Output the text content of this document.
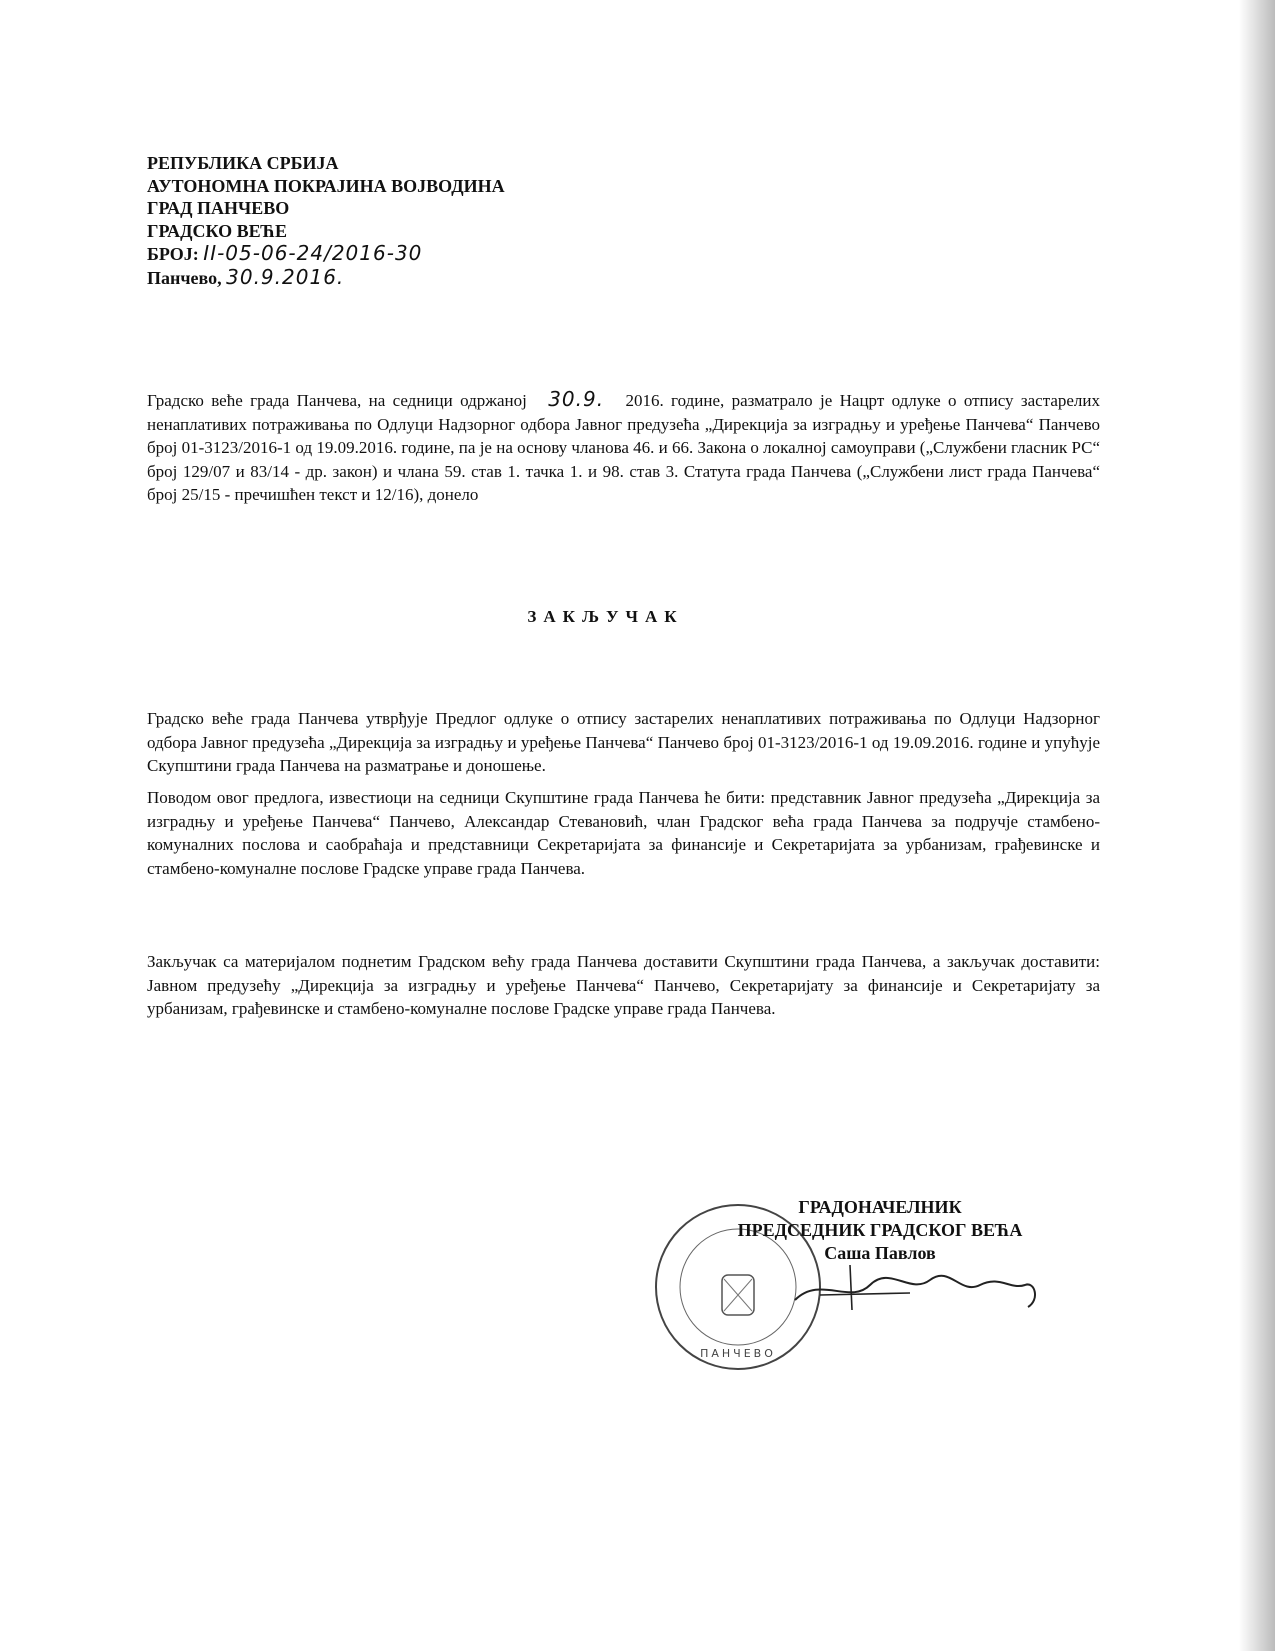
РЕПУБЛИКА СРБИЈА
АУТОНОМНА ПОКРАЈИНА ВОЈВОДИНА
ГРАД ПАНЧЕВО
ГРАДСКО ВЕЋЕ
БРОЈ: II-05-06-24/2016-30
Панчево, 30.9.2016.
Градско веће града Панчева, на седници одржаној 30.9. 2016. године, разматрало је Нацрт одлуке о отпису застарелих ненаплативих потраживања по Одлуци Надзорног одбора Јавног предузећа „Дирекција за изградњу и уређење Панчева“ Панчево број 01-3123/2016-1 од 19.09.2016. године, па је на основу чланова 46. и 66. Закона о локалној самоуправи („Службени гласник РС“ број 129/07 и 83/14 - др. закон) и члана 59. став 1. тачка 1. и 98. став 3. Статута града Панчева („Службени лист града Панчева“ број 25/15 - пречишћен текст и 12/16), донело
ЗАКЉУЧАК
Градско веће града Панчева утврђује Предлог одлуке о отпису застарелих ненаплативих потраживања по Одлуци Надзорног одбора Јавног предузећа „Дирекција за изградњу и уређење Панчева“ Панчево број 01-3123/2016-1 од 19.09.2016. године и упућује Скупштини града Панчева на разматрање и доношење.
Поводом овог предлога, известиоци на седници Скупштине града Панчева ће бити: представник Јавног предузећа „Дирекција за изградњу и уређење Панчева“ Панчево, Александар Стевановић, члан Градског већа града Панчева за подручје стамбено-комуналних послова и саобраћаја и представници Секретаријата за финансије и Секретаријата за урбанизам, грађевинске и стамбено-комуналне послове Градске управе града Панчева.
Закључак са материјалом поднетим Градском већу града Панчева доставити Скупштини града Панчева, а закључак доставити: Јавном предузећу „Дирекција за изградњу и уређење Панчева“ Панчево, Секретаријату за финансије и Секретаријату за урбанизам, грађевинске и стамбено-комуналне послове Градске управе града Панчева.
ПАНЧЕВО
ГРАДОНАЧЕЛНИК
ПРЕДСЕДНИК ГРАДСКОГ ВЕЋА
Саша Павлов
